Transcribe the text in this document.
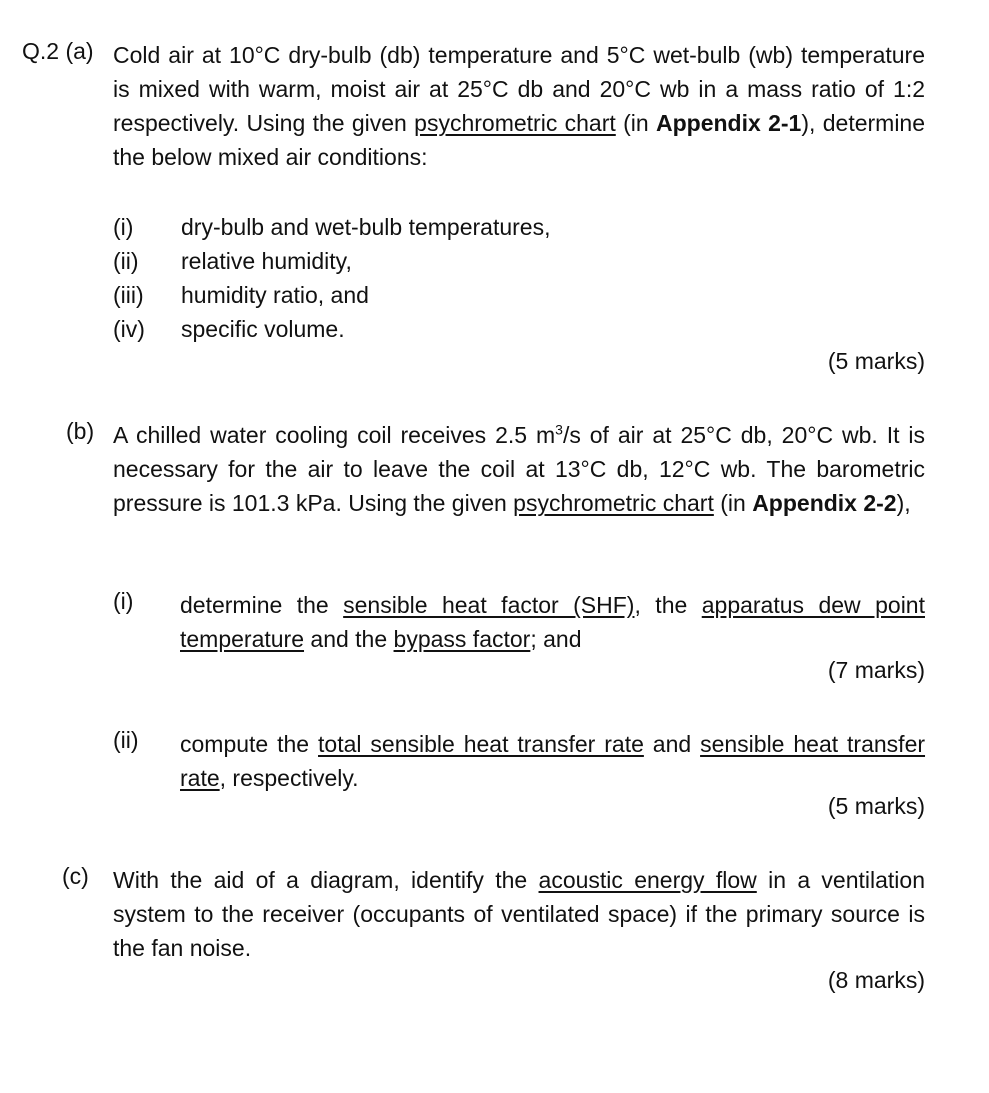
Q.2 (a) Cold air at 10°C dry-bulb (db) temperature and 5°C wet-bulb (wb) temperature is mixed with warm, moist air at 25°C db and 20°C wb in a mass ratio of 1:2 respectively. Using the given psychrometric chart (in Appendix 2-1), determine the below mixed air conditions:
(i) dry-bulb and wet-bulb temperatures,
(ii) relative humidity,
(iii) humidity ratio, and
(iv) specific volume.
(5 marks)
(b) A chilled water cooling coil receives 2.5 $m^3/s$ of air at 25°C db, 20°C wb. It is necessary for the air to leave the coil at 13°C db, 12°C wb. The barometric pressure is 101.3 kPa. Using the given psychrometric chart (in Appendix 2-2),
(i) determine the sensible heat factor (SHF), the apparatus dew point temperature and the bypass factor; and
(7 marks)
(ii) compute the total sensible heat transfer rate and sensible heat transfer rate, respectively.
(5 marks)
(c) With the aid of a diagram, identify the acoustic energy flow in a ventilation system to the receiver (occupants of ventilated space) if the primary source is the fan noise.
(8 marks)
